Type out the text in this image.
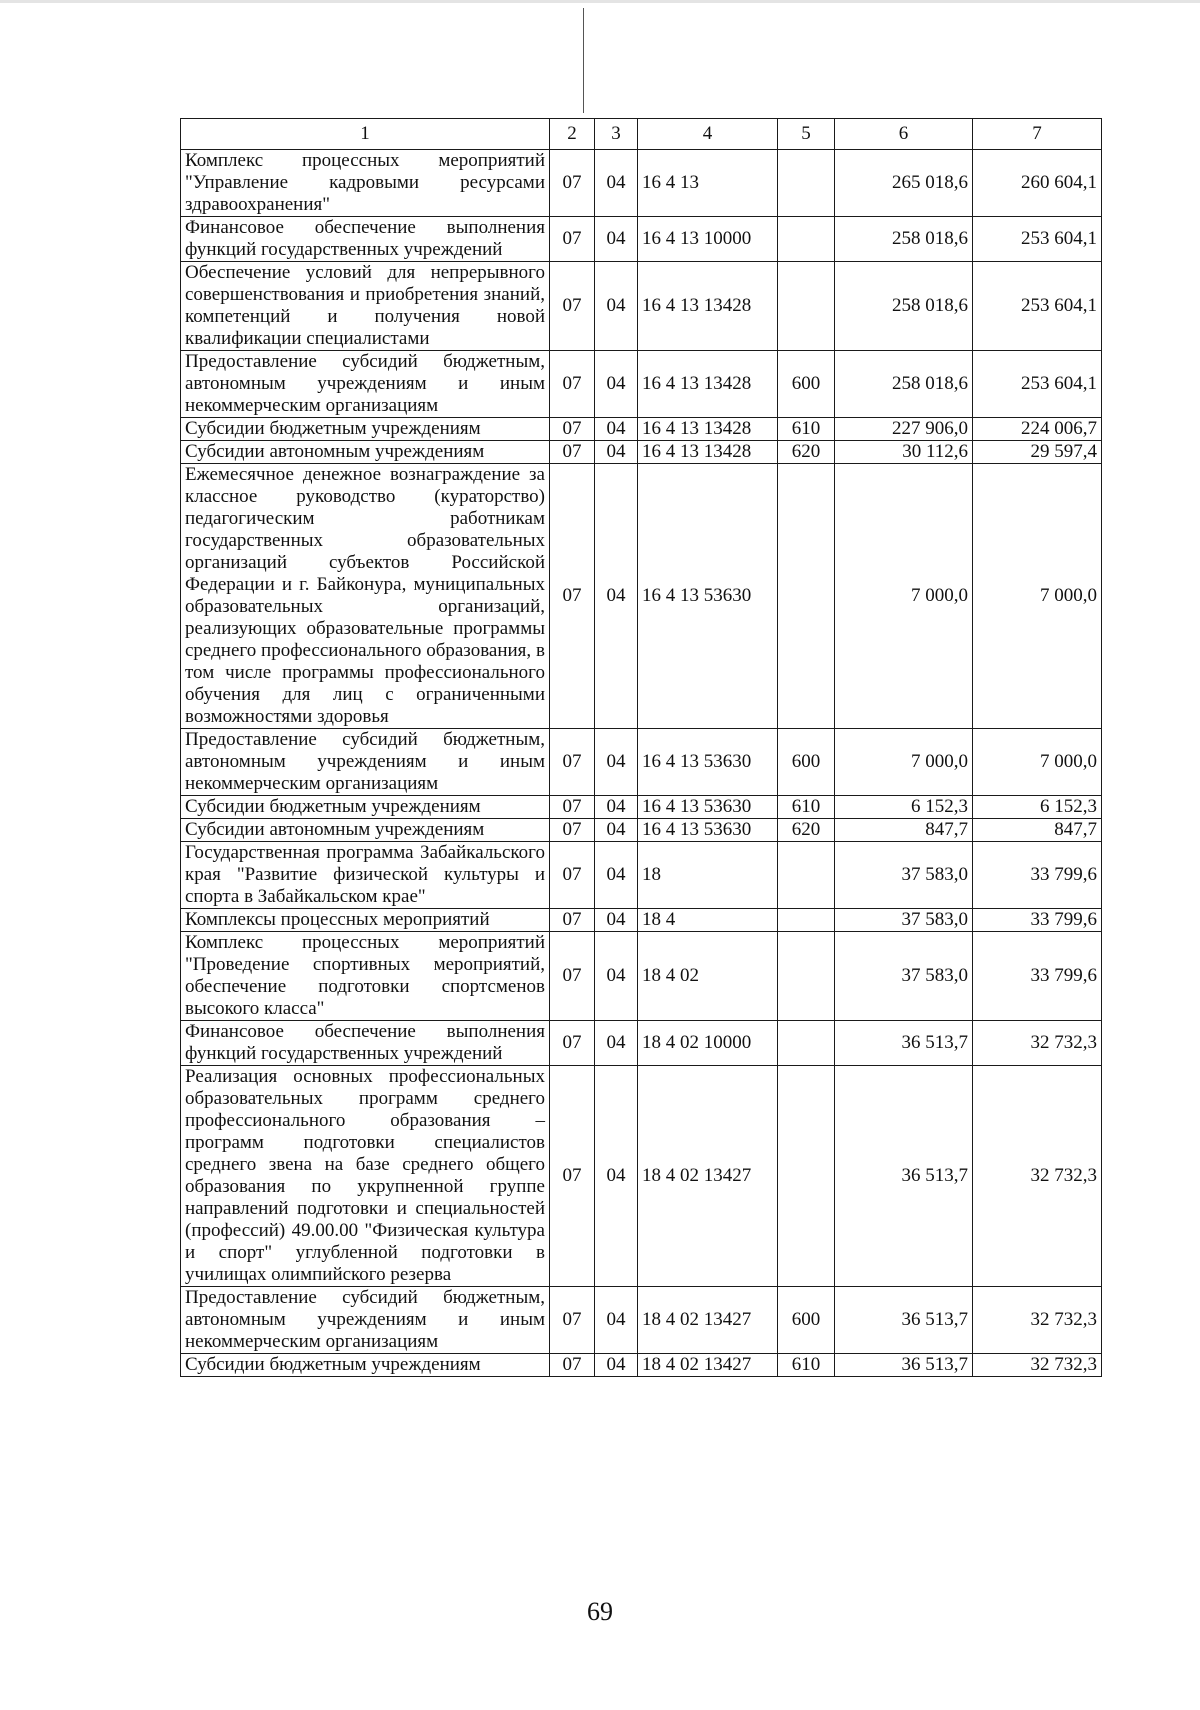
1	2	3	4	5	6	7
Комплекс процессных мероприятий "Управление кадровыми ресурсами здравоохранения"	07	04	16 4 13		265 018,6	260 604,1
Финансовое обеспечение выполнения функций государственных учреждений	07	04	16 4 13 10000		258 018,6	253 604,1
Обеспечение условий для непрерывного совершенствования и приобретения знаний, компетенций и получения новой квалификации специалистами	07	04	16 4 13 13428		258 018,6	253 604,1
Предоставление субсидий бюджетным, автономным учреждениям и иным некоммерческим организациям	07	04	16 4 13 13428	600	258 018,6	253 604,1
Субсидии бюджетным учреждениям	07	04	16 4 13 13428	610	227 906,0	224 006,7
Субсидии автономным учреждениям	07	04	16 4 13 13428	620	30 112,6	29 597,4
Ежемесячное денежное вознаграждение за классное руководство (кураторство) педагогическим работникам государственных образовательных организаций субъектов Российской Федерации и г. Байконура, муниципальных образовательных организаций, реализующих образовательные программы среднего профессионального образования, в том числе программы профессионального обучения для лиц с ограниченными возможностями здоровья	07	04	16 4 13 53630		7 000,0	7 000,0
Предоставление субсидий бюджетным, автономным учреждениям и иным некоммерческим организациям	07	04	16 4 13 53630	600	7 000,0	7 000,0
Субсидии бюджетным учреждениям	07	04	16 4 13 53630	610	6 152,3	6 152,3
Субсидии автономным учреждениям	07	04	16 4 13 53630	620	847,7	847,7
Государственная программа Забайкальского края "Развитие физической культуры и спорта в Забайкальском крае"	07	04	18		37 583,0	33 799,6
Комплексы процессных мероприятий	07	04	18 4		37 583,0	33 799,6
Комплекс процессных мероприятий "Проведение спортивных мероприятий, обеспечение подготовки спортсменов высокого класса"	07	04	18 4 02		37 583,0	33 799,6
Финансовое обеспечение выполнения функций государственных учреждений	07	04	18 4 02 10000		36 513,7	32 732,3
Реализация основных профессиональных образовательных программ среднего профессионального образования – программ подготовки специалистов среднего звена на базе среднего общего образования по укрупненной группе направлений подготовки и специальностей (профессий) 49.00.00 "Физическая культура и спорт" углубленной подготовки в училищах олимпийского резерва	07	04	18 4 02 13427		36 513,7	32 732,3
Предоставление субсидий бюджетным, автономным учреждениям и иным некоммерческим организациям	07	04	18 4 02 13427	600	36 513,7	32 732,3
Субсидии бюджетным учреждениям	07	04	18 4 02 13427	610	36 513,7	32 732,3
69
